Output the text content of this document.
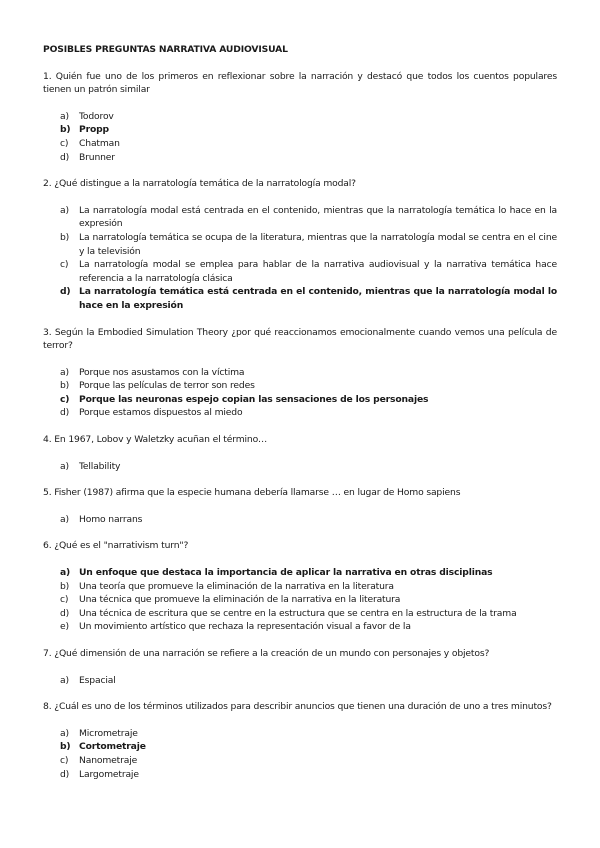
POSIBLES PREGUNTAS NARRATIVA AUDIOVISUAL

1. Quién fue uno de los primeros en reflexionar sobre la narración y destacó que todos los cuentos populares tienen un patrón similar

a)	Todorov
b) Propp
c)	Chatman
d)	Brunner

2. ¿Qué distingue a la narratología temática de la narratología modal?

a)	La narratología modal está centrada en el contenido, mientras que la narratología temática lo hace en la expresión
b)	La narratología temática se ocupa de la literatura, mientras que la narratología modal se centra en el cine y la televisión
c)	La narratología modal se emplea para hablar de la narrativa audiovisual y la narrativa temática hace referencia a la narratología clásica
d) La narratología temática está centrada en el contenido, mientras que la narratología modal lo hace en la expresión

3. Según la Embodied Simulation Theory ¿por qué reaccionamos emocionalmente cuando vemos una película de terror?

a)	Porque nos asustamos con la víctima
b)	Porque las películas de terror son redes
c)	Porque las neuronas espejo copian las sensaciones de los personajes
d)	Porque estamos dispuestos al miedo

4. En 1967, Lobov y Waletzky acuñan el término…

a)	Tellability

5. Fisher (1987) afirma que la especie humana debería llamarse … en lugar de Homo sapiens

a)	Homo narrans

6. ¿Qué es el "narrativism turn"?

a) Un enfoque que destaca la importancia de aplicar la narrativa en otras disciplinas
b)	Una teoría que promueve la eliminación de la narrativa en la literatura
c)	Una técnica que promueve la eliminación de la narrativa en la literatura
d)	Una técnica de escritura que se centre en la estructura que se centra en la estructura de la trama
e)	Un movimiento artístico que rechaza la representación visual a favor de la

7. ¿Qué dimensión de una narración se refiere a la creación de un mundo con personajes y objetos?

a)	Espacial

8. ¿Cuál es uno de los términos utilizados para describir anuncios que tienen una duración de uno a tres minutos?

a)	Micrometraje
b) Cortometraje
c)	Nanometraje
d)	Largometraje
